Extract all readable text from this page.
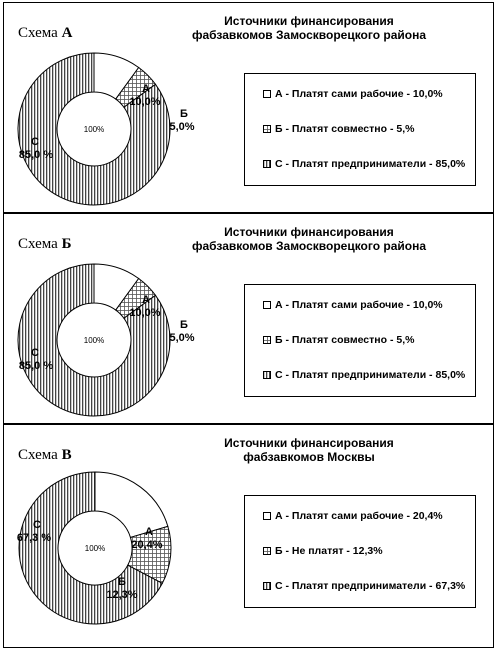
Схема А
Источники финансирования
фабзавкомов Замоскворецкого района
100%
А
10,0%
Б
5,0%
С
85,0 %
А - Платят сами рабочие - 10,0%
Б - Платят совместно - 5,%
С - Платят предприниматели - 85,0%
Схема Б
Источники финансирования
фабзавкомов Замоскворецкого района
100%
А
10,0%
Б
5,0%
С
85,0 %
А - Платят сами рабочие - 10,0%
Б - Платят совместно - 5,%
С - Платят предприниматели - 85,0%
Схема В
Источники финансирования
фабзавкомов Москвы
100%
А
20,4%
Б
12,3%
С
67,3 %
А - Платят сами рабочие - 20,4%
Б - Не платят - 12,3%
С - Платят предприниматели - 67,3%
